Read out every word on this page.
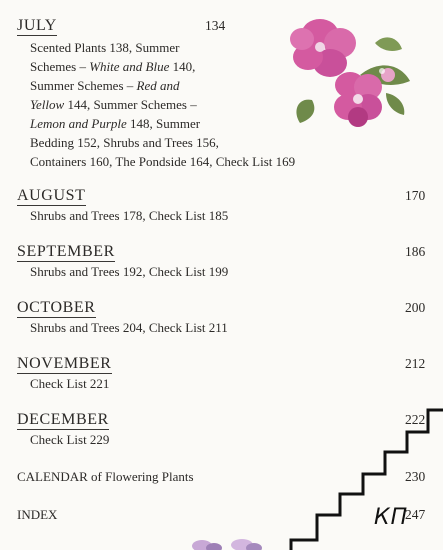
JULY	134
Scented Plants 138, Summer
Schemes – White and Blue 140,
Summer Schemes – Red and
Yellow 144, Summer Schemes –
Lemon and Purple 148, Summer
Bedding 152, Shrubs and Trees 156,
Containers 160, The Pondside 164, Check List 169
AUGUST	170
Shrubs and Trees 178, Check List 185
SEPTEMBER	186
Shrubs and Trees 192, Check List 199
OCTOBER	200
Shrubs and Trees 204, Check List 211
NOVEMBER	212
Check List 221
DECEMBER	222
Check List 229
CALENDAR of Flowering Plants	230
INDEX	247
КП
